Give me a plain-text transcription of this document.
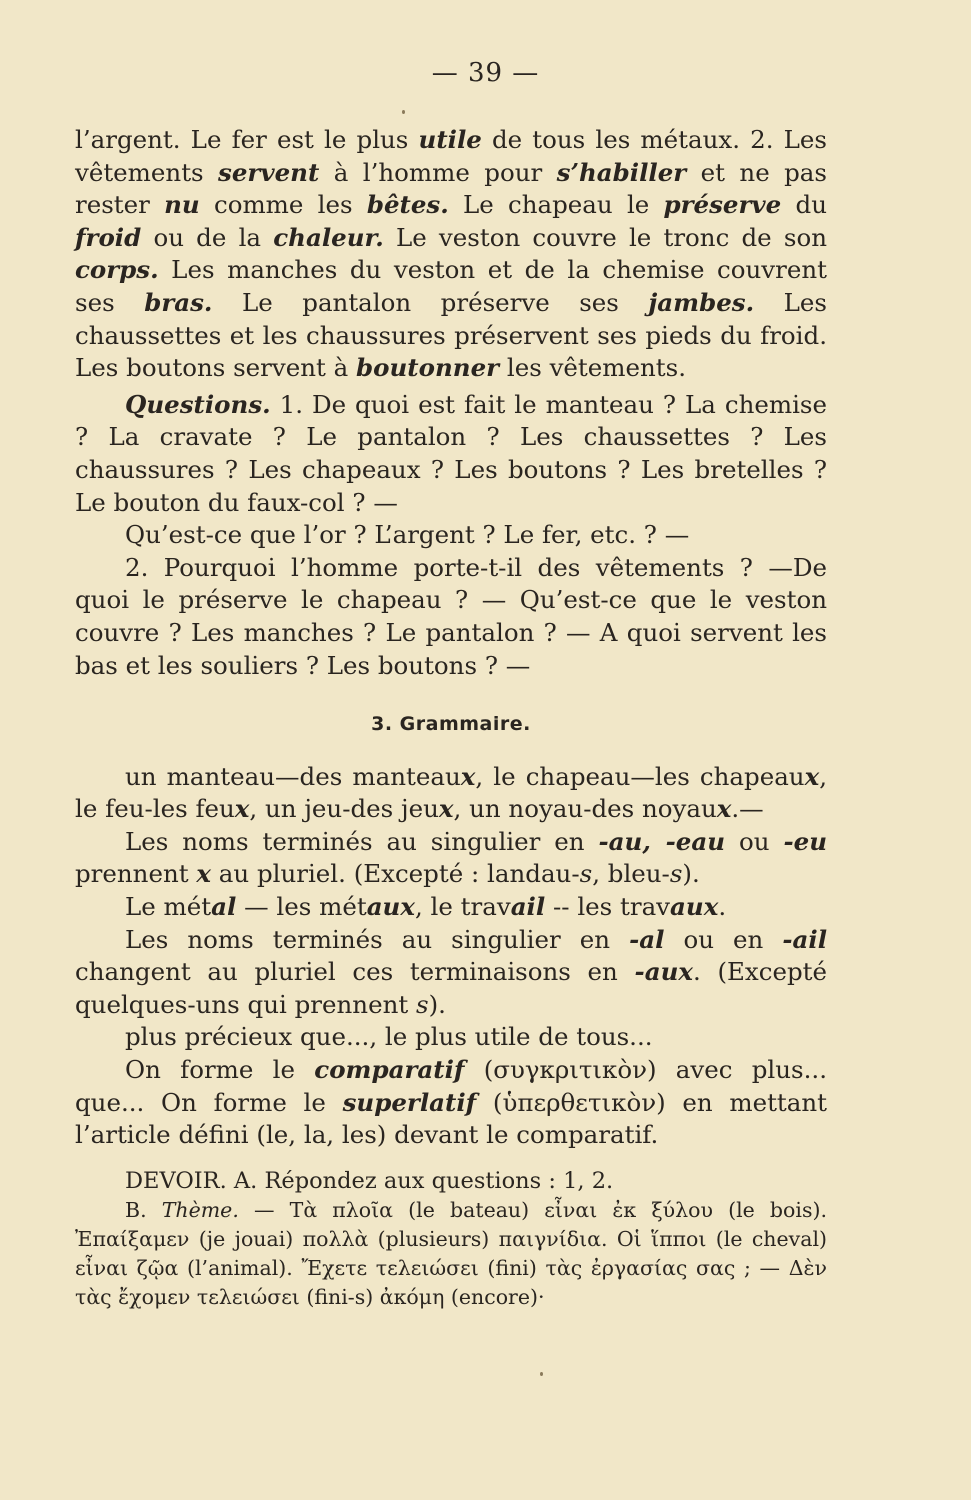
— 39 —

l’argent. Le fer est le plus utile de tous les métaux. 2. Les vêtements servent à l’homme pour s’habiller et ne pas rester nu comme les bêtes. Le chapeau le préserve du froid ou de la chaleur. Le veston couvre le tronc de son corps. Les manches du veston et de la chemise couvrent ses bras. Le pantalon préserve ses jambes. Les chaussettes et les chaussures préservent ses pieds du froid. Les boutons servent à boutonner les vêtements.

Questions. 1. De quoi est fait le manteau ? La chemise ? La cravate ? Le pantalon ? Les chaussettes ? Les chaussures ? Les chapeaux ? Les boutons ? Les bretelles ? Le bouton du faux-col ? —

Qu’est-ce que l’or ? L’argent ? Le fer, etc. ? —

2. Pourquoi l’homme porte-t-il des vêtements ? —De quoi le préserve le chapeau ? — Qu’est-ce que le veston couvre ? Les manches ? Le pantalon ? — A quoi servent les bas et les souliers ? Les boutons ? —

3. Grammaire.

un manteau—des manteaux, le chapeau—les chapeaux, le feu-les feux, un jeu-des jeux, un noyau-des noyaux.—

Les noms terminés au singulier en -au, -eau ou -eu prennent x au pluriel. (Excepté : landau-s, bleu-s).

Le métal — les métaux, le travail -- les travaux.

Les noms terminés au singulier en -al ou en -ail changent au pluriel ces terminaisons en -aux. (Excepté quelques-uns qui prennent s).

plus précieux que..., le plus utile de tous...

On forme le comparatif (συγκριτικὸν) avec plus... que... On forme le superlatif (ὑπερθετικὸν) en mettant l’article défini (le, la, les) devant le comparatif.

DEVOIR. A. Répondez aux questions : 1, 2.

B. Thème. — Τὰ πλοῖα (le bateau) εἶναι ἐκ ξύλου (le bois). Ἐπαίξαμεν (je jouai) πολλὰ (plusieurs) παιγνίδια. Οἱ ἵπποι (le cheval) εἶναι ζῷα (l’animal). Ἔχετε τελειώσει (fini) τὰς ἐργασίας σας ; — Δὲν τὰς ἔχομεν τελειώσει (fini-s) ἀκόμη (encore)·
